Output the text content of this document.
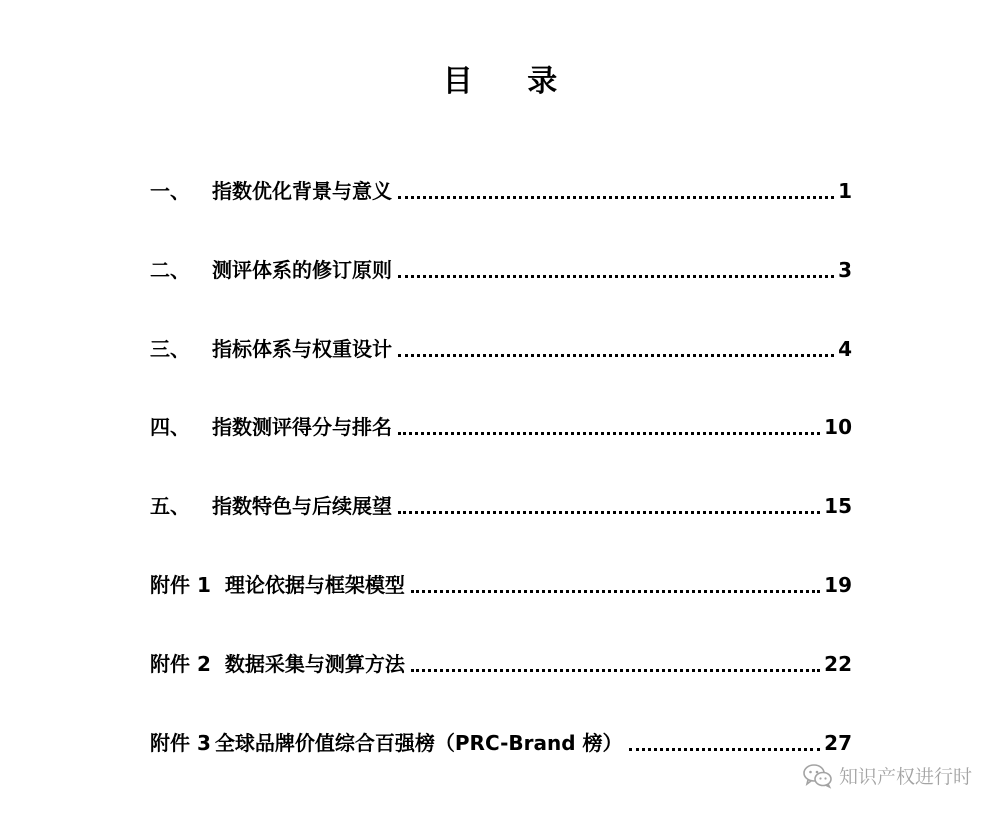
目 录
一、	指数优化背景与意义	1
二、	测评体系的修订原则	3
三、	指标体系与权重设计	4
四、	指数测评得分与排名	10
五、	指数特色与后续展望	15
附件 1 理论依据与框架模型	19
附件 2 数据采集与测算方法	22
附件 3 全球品牌价值综合百强榜（PRC-Brand 榜）	27
知识产权进行时
